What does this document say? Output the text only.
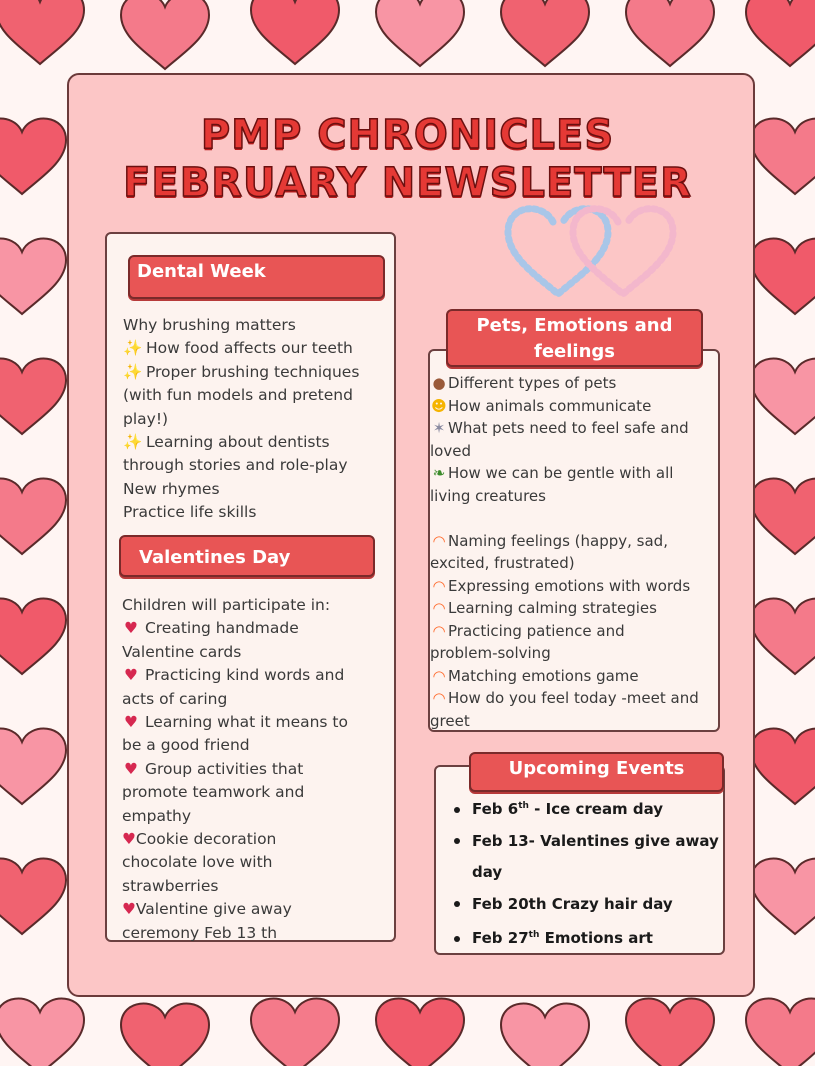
PMP CHRONICLES
FEBRUARY NEWSLETTER
Dental Week
Why brushing matters
✨ How food affects our teeth
✨ Proper brushing techniques
(with fun models and pretend
play!)
✨ Learning about dentists
through stories and role-play
New rhymes
Practice life skills
Valentines Day
Children will participate in:
♥ Creating handmade
Valentine cards
♥ Practicing kind words and
acts of caring
♥ Learning what it means to
be a good friend
♥ Group activities that
promote teamwork and
empathy
♥Cookie decoration
chocolate love with
strawberries
♥Valentine give away
ceremony Feb 13 th
Pets, Emotions and
feelings
● Different types of pets
☻How animals communicate
✶ What pets need to feel safe and
loved
❧ How we can be gentle with all
living creatures
◠ Naming feelings (happy, sad,
excited, frustrated)
◠ Expressing emotions with words
◠ Learning calming strategies
◠ Practicing patience and
problem-solving
◠ Matching emotions game
◠ How do you feel today -meet and
greet
Upcoming Events
Feb 6th - Ice cream day
Feb 13- Valentines give away
day
Feb 20th Crazy hair day
Feb 27th Emotions art
